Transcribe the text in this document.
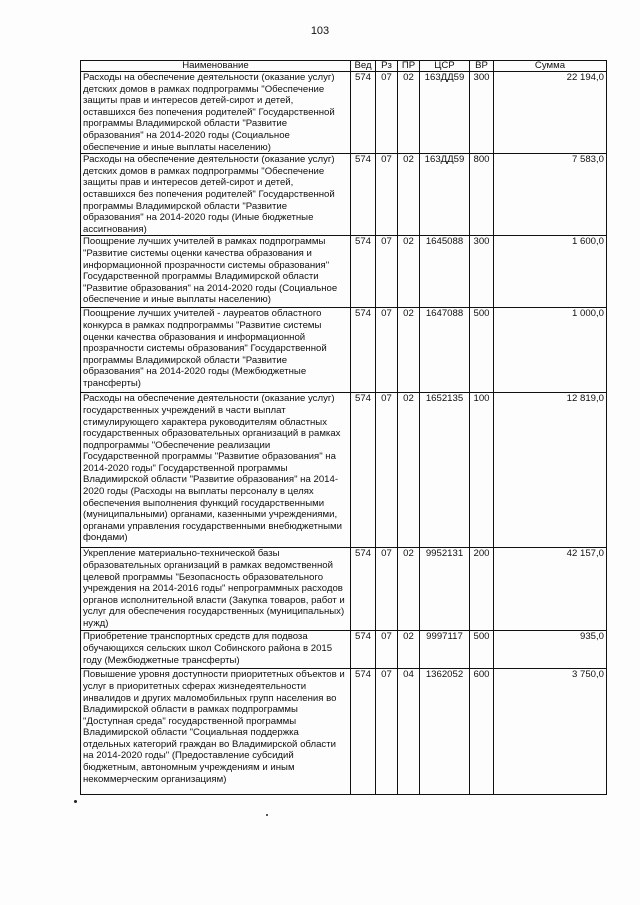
103
Наименование	Вед	Рз	ПР	ЦСР	ВР	Сумма
Расходы на обеспечение деятельности (оказание услуг) детских домов в рамках подпрограммы "Обеспечение защиты прав и интересов детей-сирот и детей, оставшихся без попечения родителей" Государственной программы Владимирской области "Развитие образования" на 2014-2020 годы (Социальное обеспечение и иные выплаты населению)	574	07	02	163ДД59	300	22 194,0
Расходы на обеспечение деятельности (оказание услуг) детских домов в рамках подпрограммы "Обеспечение защиты прав и интересов детей-сирот и детей, оставшихся без попечения родителей" Государственной программы Владимирской области "Развитие образования" на 2014-2020 годы (Иные бюджетные ассигнования)	574	07	02	163ДД59	800	7 583,0
Поощрение лучших учителей в рамках подпрограммы "Развитие системы оценки качества образования и информационной прозрачности системы образования" Государственной программы Владимирской области "Развитие образования" на 2014-2020 годы (Социальное обеспечение и иные выплаты населению)	574	07	02	1645088	300	1 600,0
Поощрение лучших учителей - лауреатов областного конкурса в рамках подпрограммы "Развитие системы оценки качества образования и информационной прозрачности системы образования" Государственной программы Владимирской области "Развитие образования" на 2014-2020 годы (Межбюджетные трансферты)	574	07	02	1647088	500	1 000,0
Расходы на обеспечение деятельности (оказание услуг) государственных учреждений в части выплат стимулирующего характера руководителям областных государственных образовательных организаций в рамках подпрограммы "Обеспечение реализации Государственной программы "Развитие образования" на 2014-2020 годы" Государственной программы Владимирской области "Развитие образования" на 2014-2020 годы (Расходы на выплаты персоналу в целях обеспечения выполнения функций государственными (муниципальными) органами, казенными учреждениями, органами управления государственными внебюджетными фондами)	574	07	02	1652135	100	12 819,0
Укрепление материально-технической базы образовательных организаций в рамках ведомственной целевой программы "Безопасность образовательного учреждения на 2014-2016 годы" непрограммных расходов органов исполнительной власти (Закупка товаров, работ и услуг для обеспечения государственных (муниципальных) нужд)	574	07	02	9952131	200	42 157,0
Приобретение транспортных средств для подвоза обучающихся сельских школ Собинского района в 2015 году (Межбюджетные трансферты)	574	07	02	9997117	500	935,0
Повышение уровня доступности приоритетных объектов и услуг в приоритетных сферах жизнедеятельности инвалидов и других маломобильных групп населения во Владимирской области в рамках подпрограммы "Доступная среда" государственной программы Владимирской области "Социальная поддержка отдельных категорий граждан во Владимирской области на 2014-2020 годы" (Предоставление субсидий бюджетным, автономным учреждениям и иным некоммерческим организациям)	574	07	04	1362052	600	3 750,0
